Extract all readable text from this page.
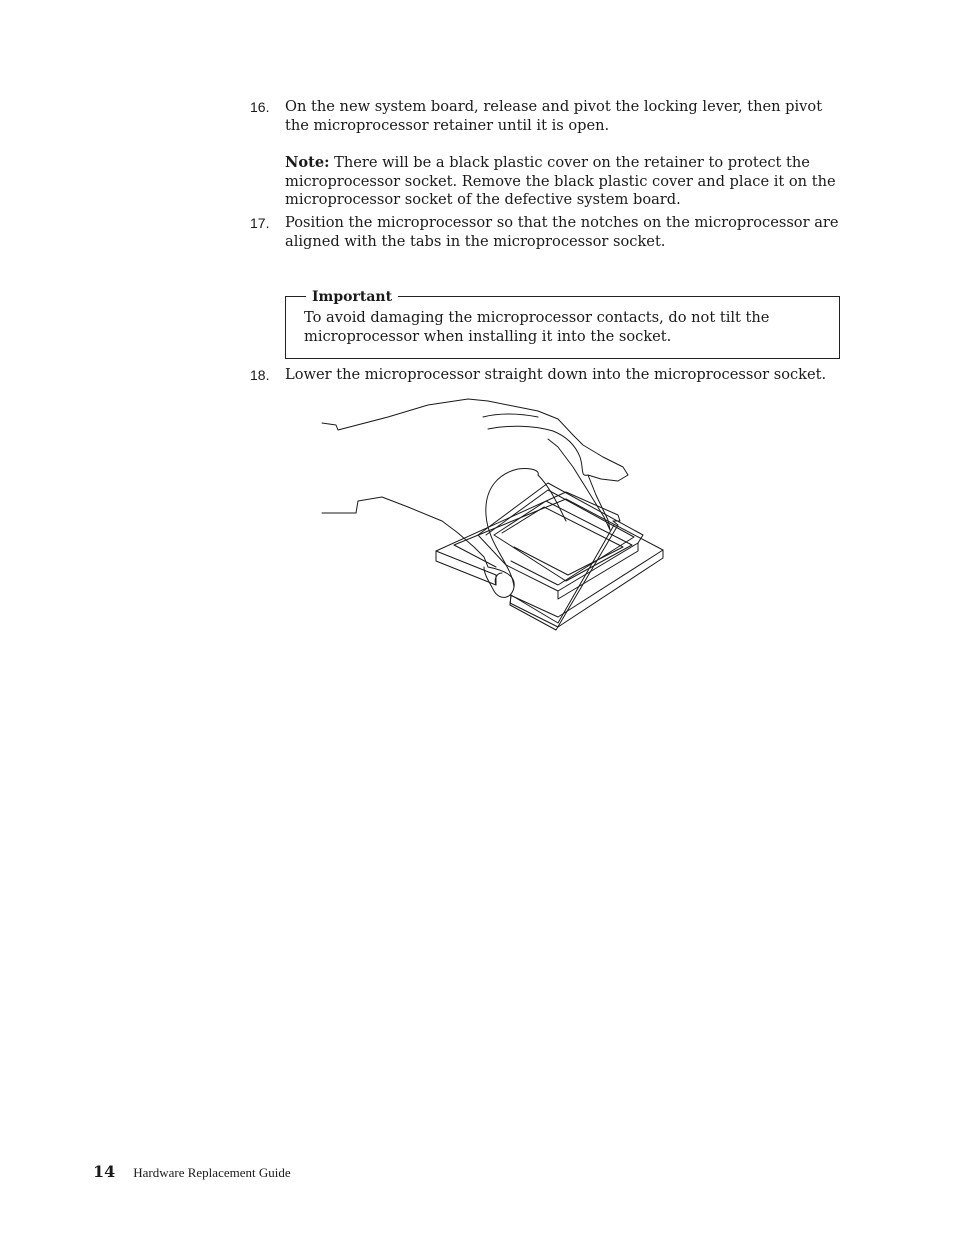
16. On the new system board, release and pivot the locking lever, then pivot the microprocessor retainer until it is open.
Note: There will be a black plastic cover on the retainer to protect the microprocessor socket. Remove the black plastic cover and place it on the microprocessor socket of the defective system board.
17. Position the microprocessor so that the notches on the microprocessor are aligned with the tabs in the microprocessor socket.
Important
To avoid damaging the microprocessor contacts, do not tilt the microprocessor when installing it into the socket.
18. Lower the microprocessor straight down into the microprocessor socket.
14 Hardware Replacement Guide
